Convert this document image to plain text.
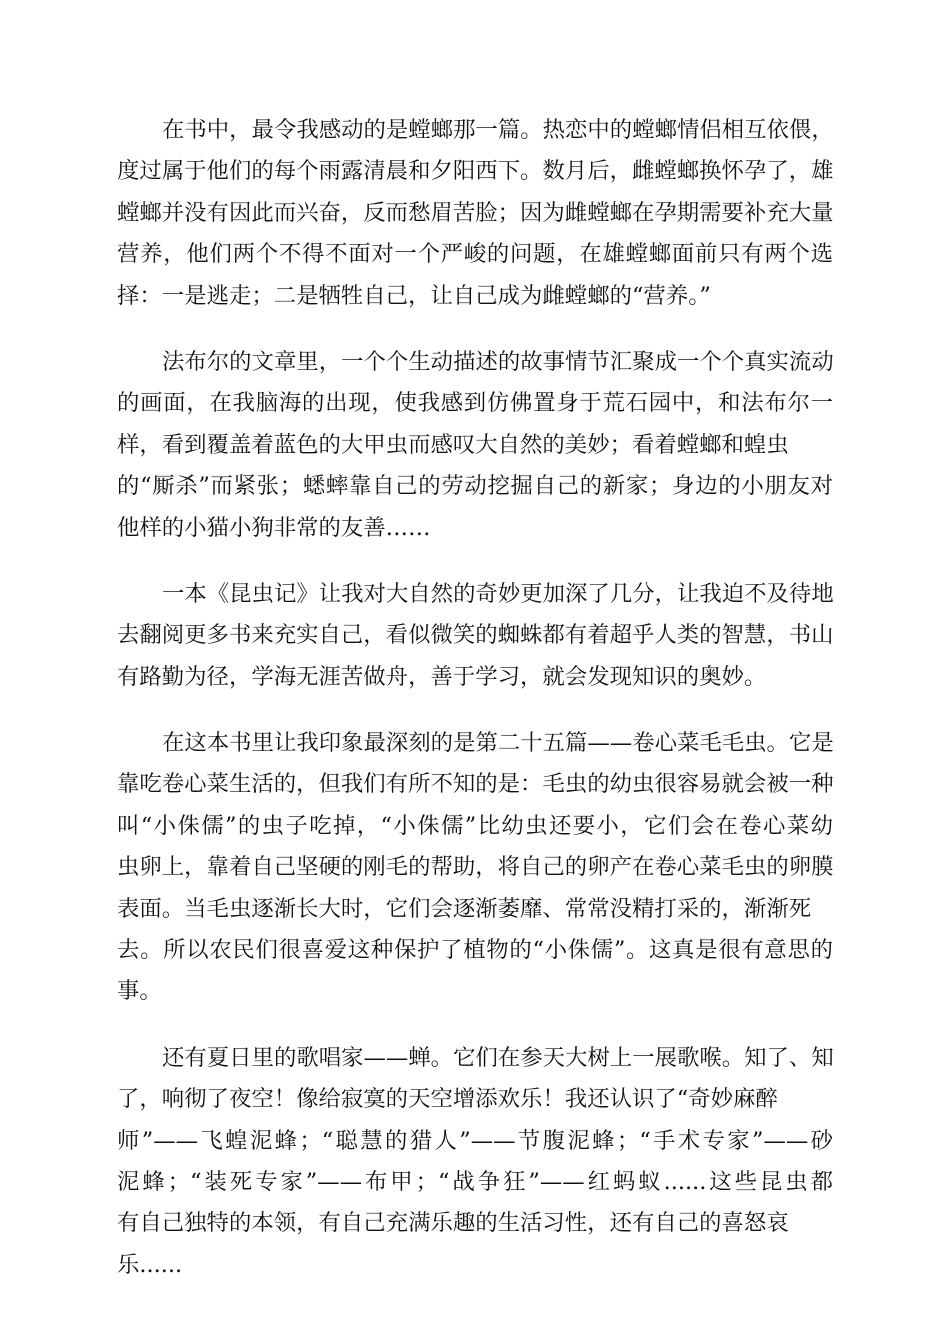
在书中，最令我感动的是螳螂那一篇。热恋中的螳螂情侣相互依偎，
度过属于他们的每个雨露清晨和夕阳西下。数月后，雌螳螂换怀孕了，雄
螳螂并没有因此而兴奋，反而愁眉苦脸；因为雌螳螂在孕期需要补充大量
营养，他们两个不得不面对一个严峻的问题，在雄螳螂面前只有两个选
择：一是逃走；二是牺牲自己，让自己成为雌螳螂的“营养。”
法布尔的文章里，一个个生动描述的故事情节汇聚成一个个真实流动
的画面，在我脑海的出现，使我感到仿佛置身于荒石园中，和法布尔一
样，看到覆盖着蓝色的大甲虫而感叹大自然的美妙；看着螳螂和蝗虫
的“厮杀”而紧张；蟋蟀靠自己的劳动挖掘自己的新家；身边的小朋友对
他样的小猫小狗非常的友善……
一本《昆虫记》让我对大自然的奇妙更加深了几分，让我迫不及待地
去翻阅更多书来充实自己，看似微笑的蜘蛛都有着超乎人类的智慧，书山
有路勤为径，学海无涯苦做舟，善于学习，就会发现知识的奥妙。
在这本书里让我印象最深刻的是第二十五篇——卷心菜毛毛虫。它是
靠吃卷心菜生活的，但我们有所不知的是：毛虫的幼虫很容易就会被一种
叫“小侏儒”的虫子吃掉，“小侏儒”比幼虫还要小，它们会在卷心菜幼
虫卵上，靠着自己坚硬的刚毛的帮助，将自己的卵产在卷心菜毛虫的卵膜
表面。当毛虫逐渐长大时，它们会逐渐萎靡、常常没精打采的，渐渐死
去。所以农民们很喜爱这种保护了植物的“小侏儒”。这真是很有意思的
事。
还有夏日里的歌唱家——蝉。它们在参天大树上一展歌喉。知了、知
了，响彻了夜空！像给寂寞的天空增添欢乐！我还认识了“奇妙麻醉
师”——飞蝗泥蜂；“聪慧的猎人”——节腹泥蜂；“手术专家”——砂
泥蜂；“装死专家”——布甲；“战争狂”——红蚂蚁......这些昆虫都
有自己独特的本领，有自己充满乐趣的生活习性，还有自己的喜怒哀
乐......
